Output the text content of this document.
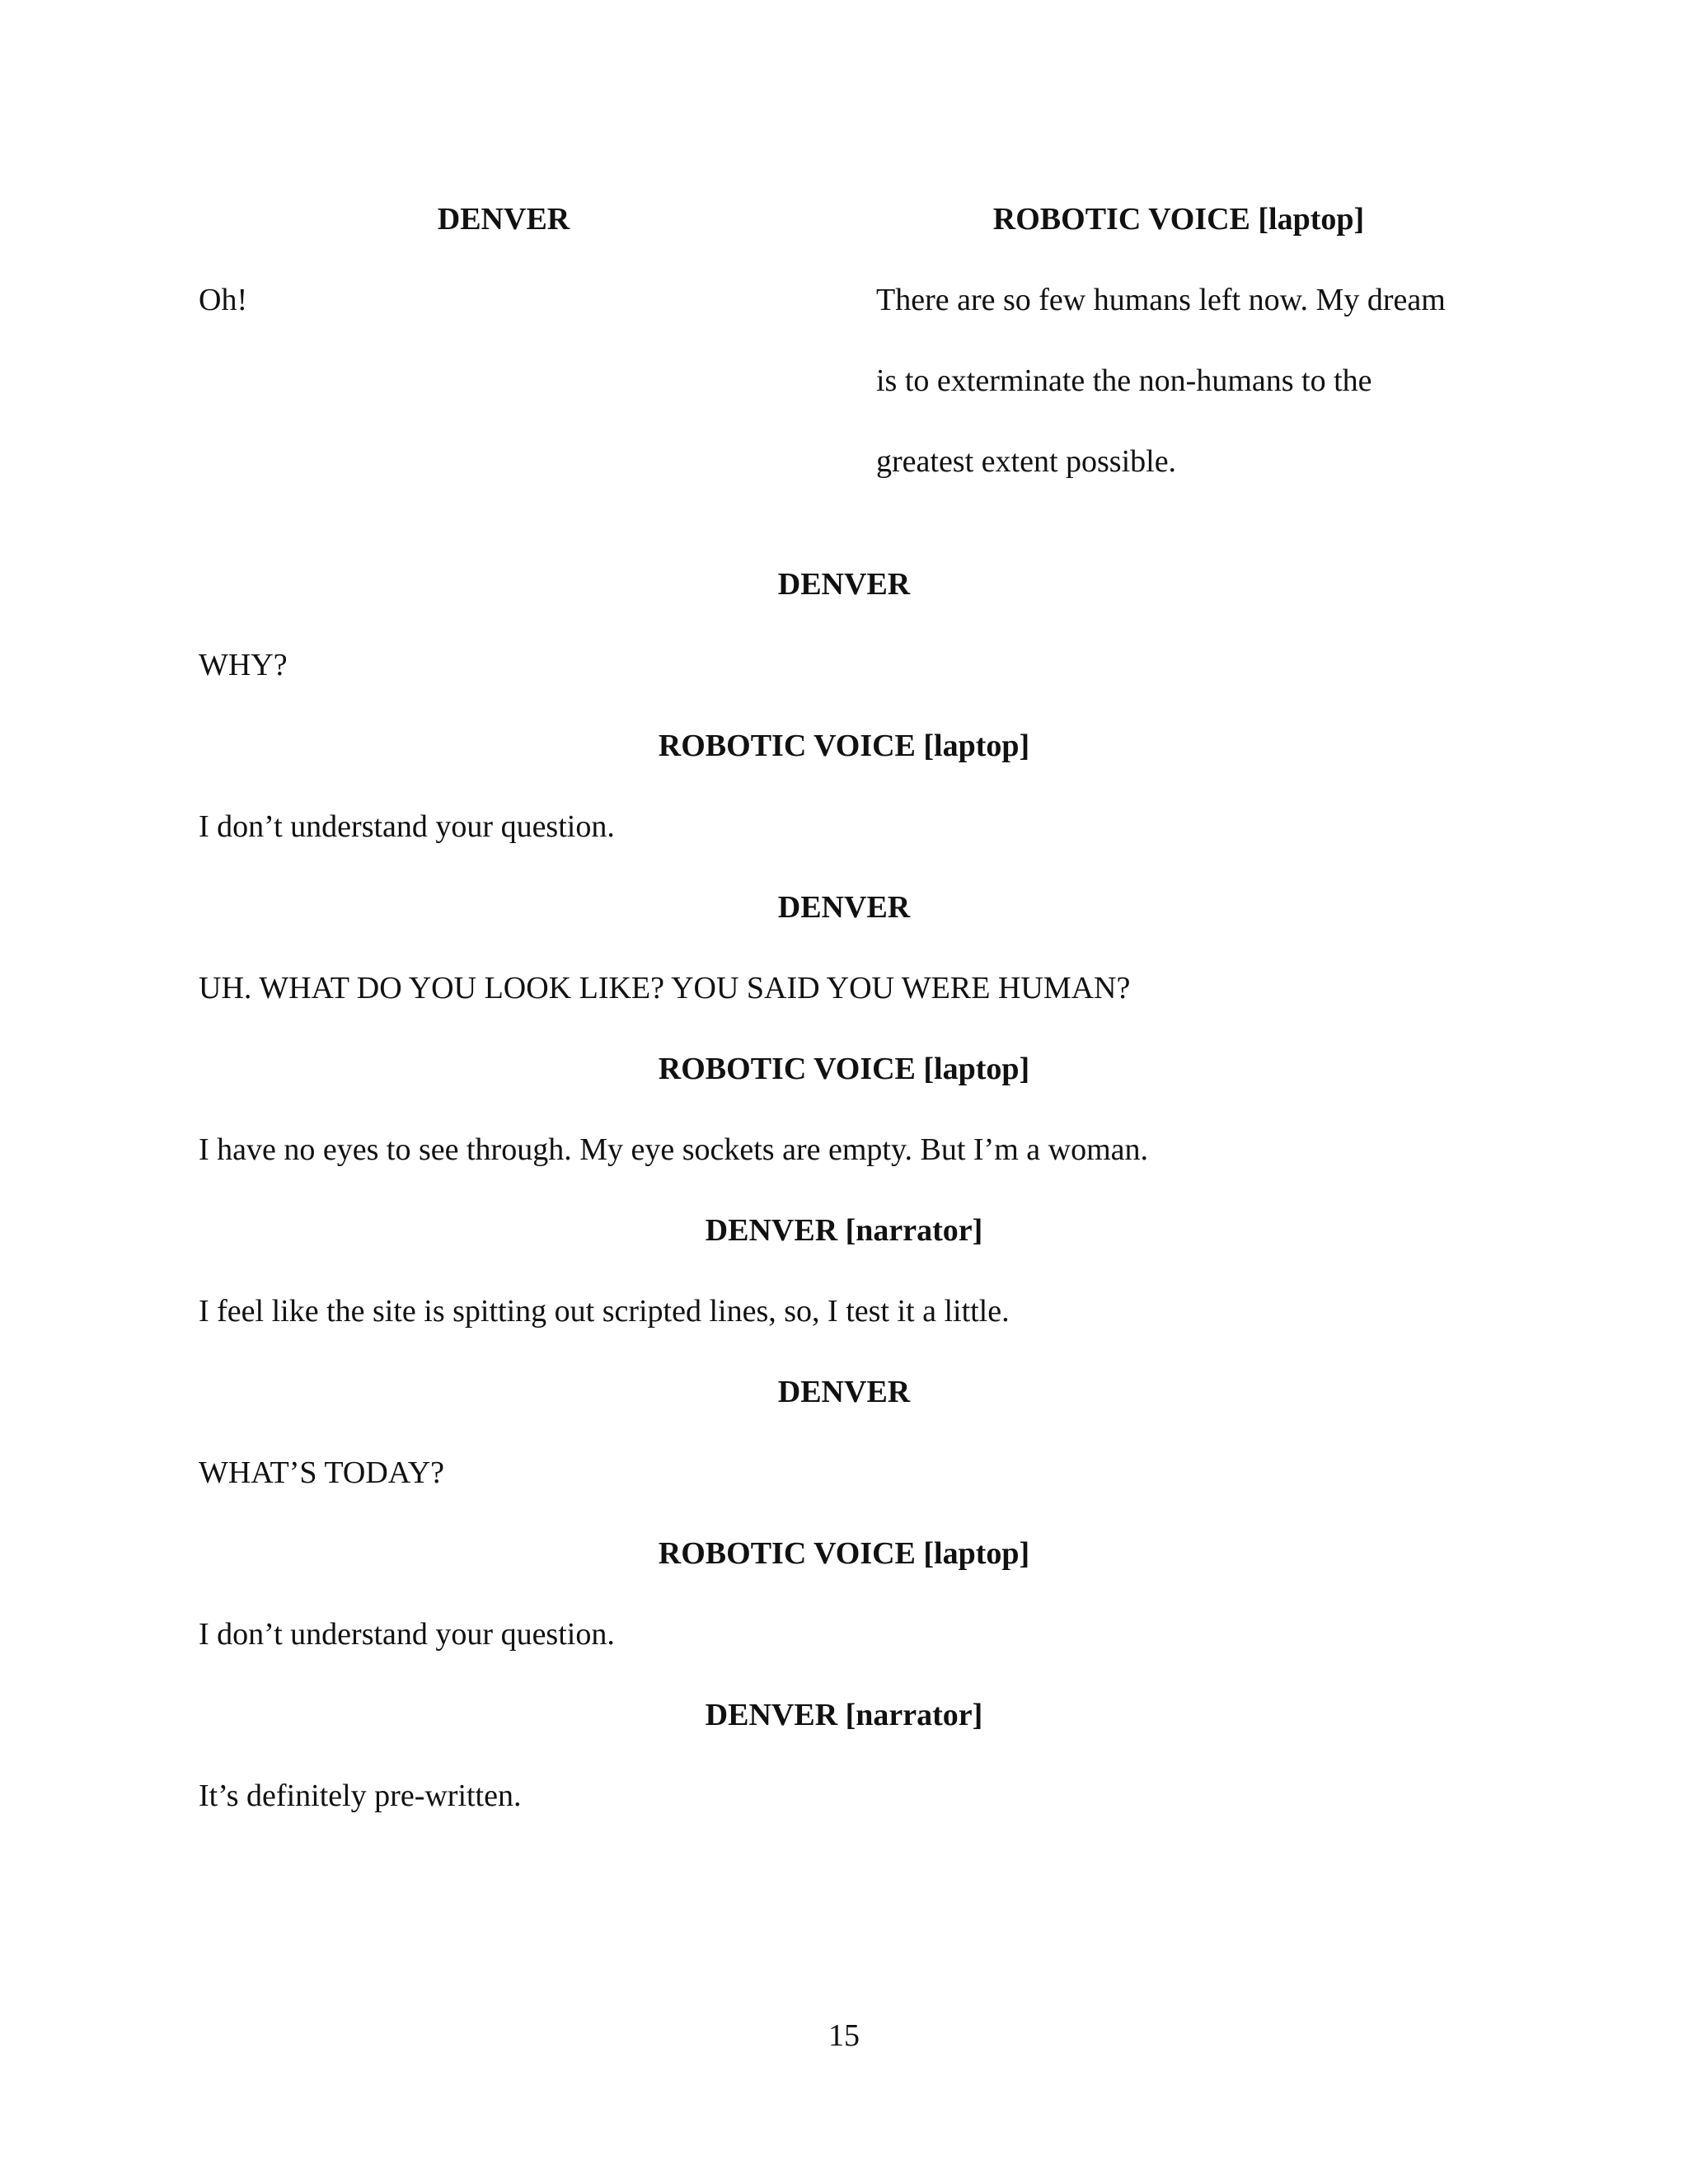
DENVER
Oh!
ROBOTIC VOICE [laptop]
There are so few humans left now. My dream
is to exterminate the non-humans to the
greatest extent possible.
DENVER
WHY?
ROBOTIC VOICE [laptop]
I don’t understand your question.
DENVER
UH. WHAT DO YOU LOOK LIKE? YOU SAID YOU WERE HUMAN?
ROBOTIC VOICE [laptop]
I have no eyes to see through. My eye sockets are empty. But I’m a woman.
DENVER [narrator]
I feel like the site is spitting out scripted lines, so, I test it a little.
DENVER
WHAT’S TODAY?
ROBOTIC VOICE [laptop]
I don’t understand your question.
DENVER [narrator]
It’s definitely pre-written.
15
